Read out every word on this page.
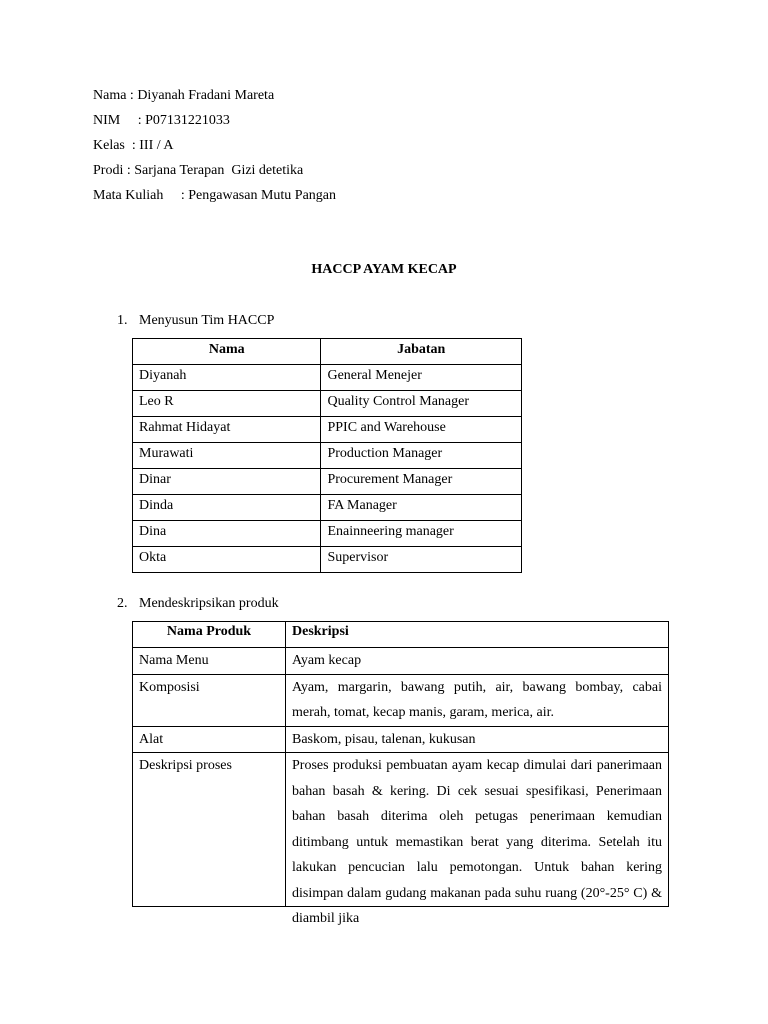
Nama : Diyanah Fradani Mareta
NIM     : P07131221033
Kelas  : III / A
Prodi : Sarjana Terapan  Gizi detetika
Mata Kuliah     : Pengawasan Mutu Pangan
HACCP AYAM KECAP
1. Menyusun Tim HACCP
Nama	Jabatan
Diyanah	General Menejer
Leo R	Quality Control Manager
Rahmat Hidayat	PPIC and Warehouse
Murawati	Production Manager
Dinar	Procurement Manager
Dinda	FA Manager
Dina	Enainneering manager
Okta	Supervisor
2. Mendeskripsikan produk
Nama Produk	Deskripsi
Nama Menu	Ayam kecap
Komposisi	Ayam, margarin, bawang putih, air, bawang bombay, cabai merah, tomat, kecap manis, garam, merica, air.
Alat	Baskom, pisau, talenan, kukusan
Deskripsi proses	Proses produksi pembuatan ayam kecap dimulai dari panerimaan bahan basah & kering. Di cek sesuai spesifikasi, Penerimaan bahan basah diterima oleh petugas penerimaan kemudian ditimbang untuk memastikan berat yang diterima. Setelah itu lakukan pencucian lalu pemotongan. Untuk bahan kering disimpan dalam gudang makanan pada suhu ruang (20°-25° C) & diambil jika
